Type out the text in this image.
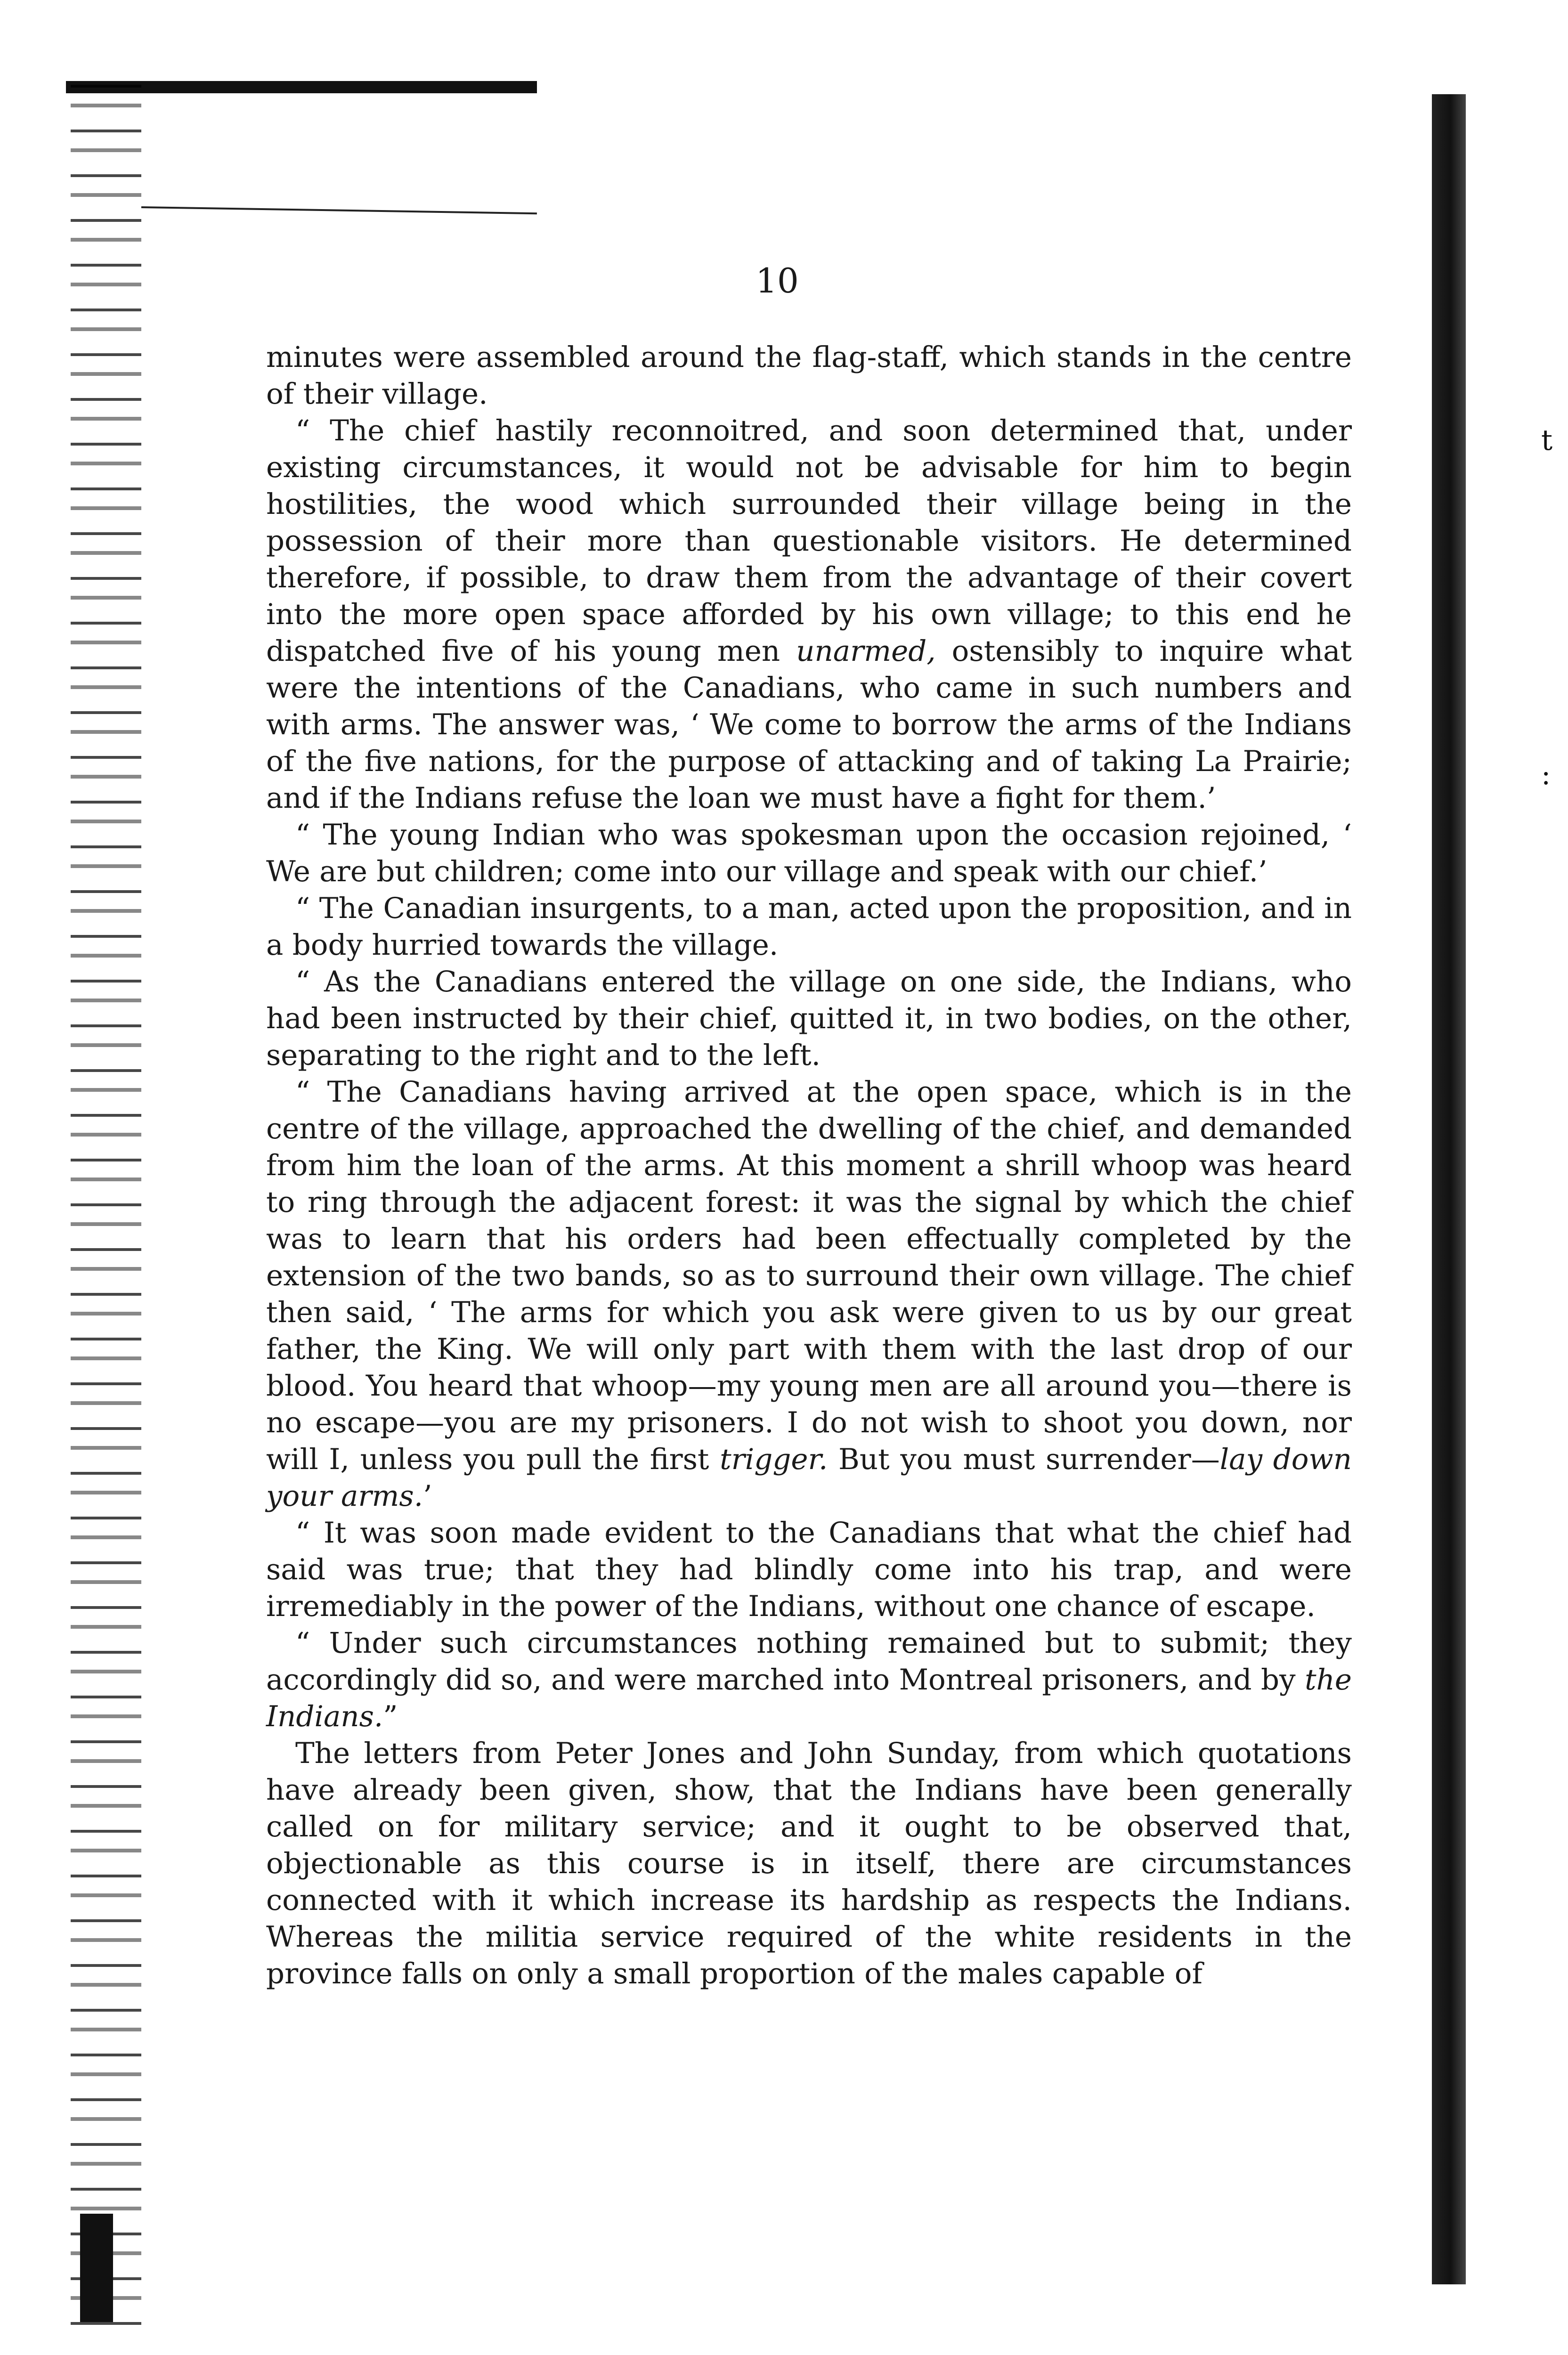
t
:
10

minutes were assembled around the flag-staff, which stands in the centre of their village.

“ The chief hastily reconnoitred, and soon determined that, under existing circumstances, it would not be advisable for him to begin hostilities, the wood which surrounded their village being in the possession of their more than questionable visitors. He determined therefore, if possible, to draw them from the advantage of their covert into the more open space afforded by his own village; to this end he dispatched five of his young men unarmed, ostensibly to inquire what were the intentions of the Canadians, who came in such numbers and with arms. The answer was, ‘ We come to borrow the arms of the Indians of the five nations, for the purpose of attacking and of taking La Prairie; and if the Indians refuse the loan we must have a fight for them.’

“ The young Indian who was spokesman upon the occasion rejoined, ‘ We are but children; come into our village and speak with our chief.’

“ The Canadian insurgents, to a man, acted upon the proposition, and in a body hurried towards the village.

“ As the Canadians entered the village on one side, the Indians, who had been instructed by their chief, quitted it, in two bodies, on the other, separating to the right and to the left.

“ The Canadians having arrived at the open space, which is in the centre of the village, approached the dwelling of the chief, and demanded from him the loan of the arms. At this moment a shrill whoop was heard to ring through the adjacent forest: it was the signal by which the chief was to learn that his orders had been effectually completed by the extension of the two bands, so as to surround their own village. The chief then said, ‘ The arms for which you ask were given to us by our great father, the King. We will only part with them with the last drop of our blood. You heard that whoop—my young men are all around you—there is no escape—you are my prisoners. I do not wish to shoot you down, nor will I, unless you pull the first trigger. But you must surrender—lay down your arms.’

“ It was soon made evident to the Canadians that what the chief had said was true; that they had blindly come into his trap, and were irremediably in the power of the Indians, without one chance of escape.

“ Under such circumstances nothing remained but to submit; they accordingly did so, and were marched into Montreal prisoners, and by the Indians.”

The letters from Peter Jones and John Sunday, from which quotations have already been given, show, that the Indians have been generally called on for military service; and it ought to be observed that, objectionable as this course is in itself, there are circumstances connected with it which increase its hardship as respects the Indians. Whereas the militia service required of the white residents in the province falls on only a small proportion of the males capable of
